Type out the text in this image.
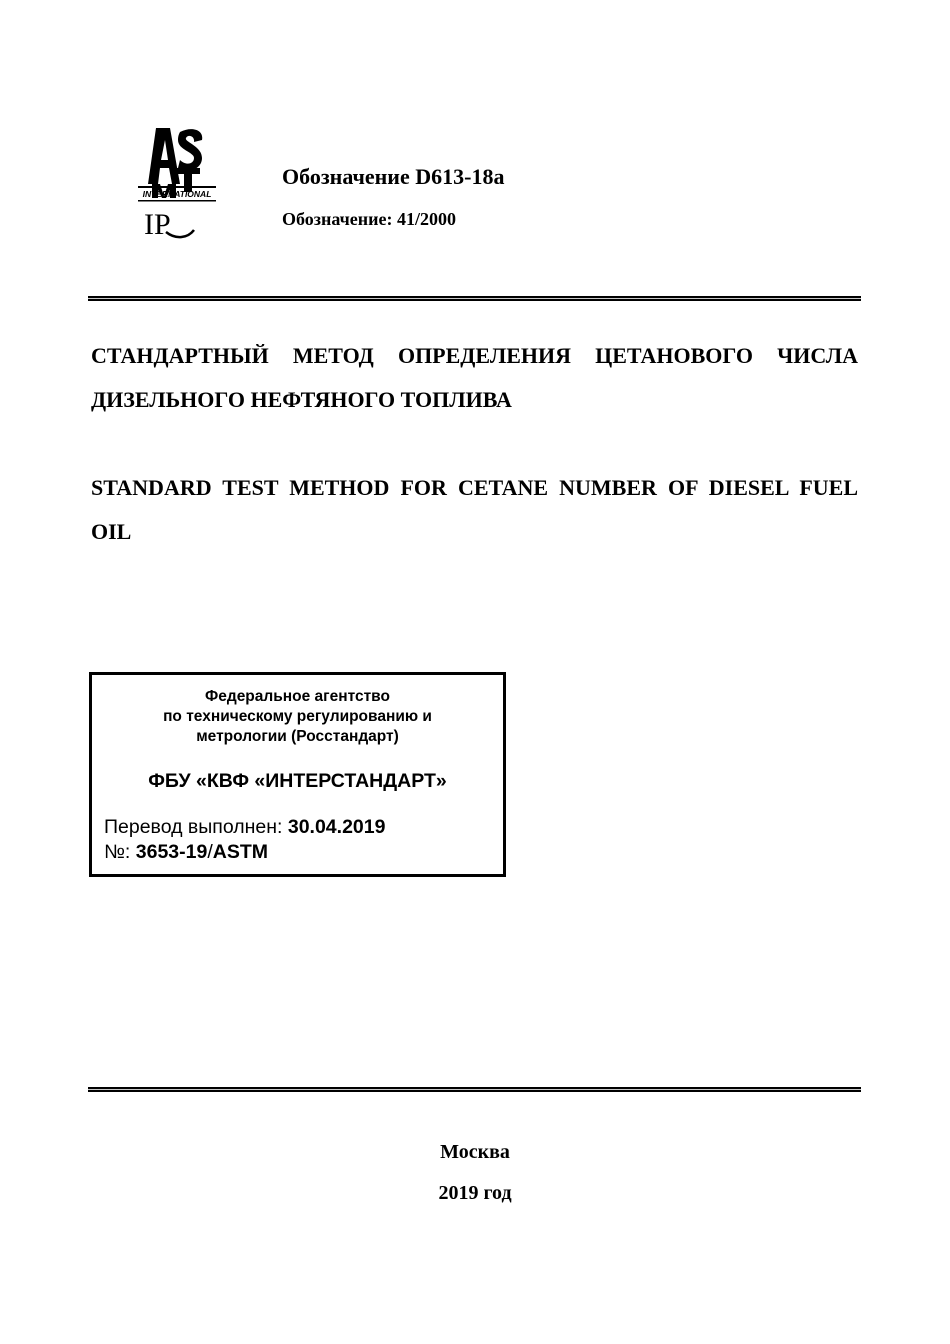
INTERNATIONAL
IP
Обозначение D613-18a
Обозначение: 41/2000
СТАНДАРТНЫЙ МЕТОД ОПРЕДЕЛЕНИЯ ЦЕТАНОВОГО ЧИСЛА ДИЗЕЛЬНОГО НЕФТЯНОГО ТОПЛИВА
STANDARD TEST METHOD FOR CETANE NUMBER OF DIESEL FUEL OIL
Федеральное агентство
по техническому регулированию и
метрологии (Росстандарт)
ФБУ «КВФ «ИНТЕРСТАНДАРТ»
Перевод выполнен: 30.04.2019
№: 3653-19/ASTM
Москва
2019 год
